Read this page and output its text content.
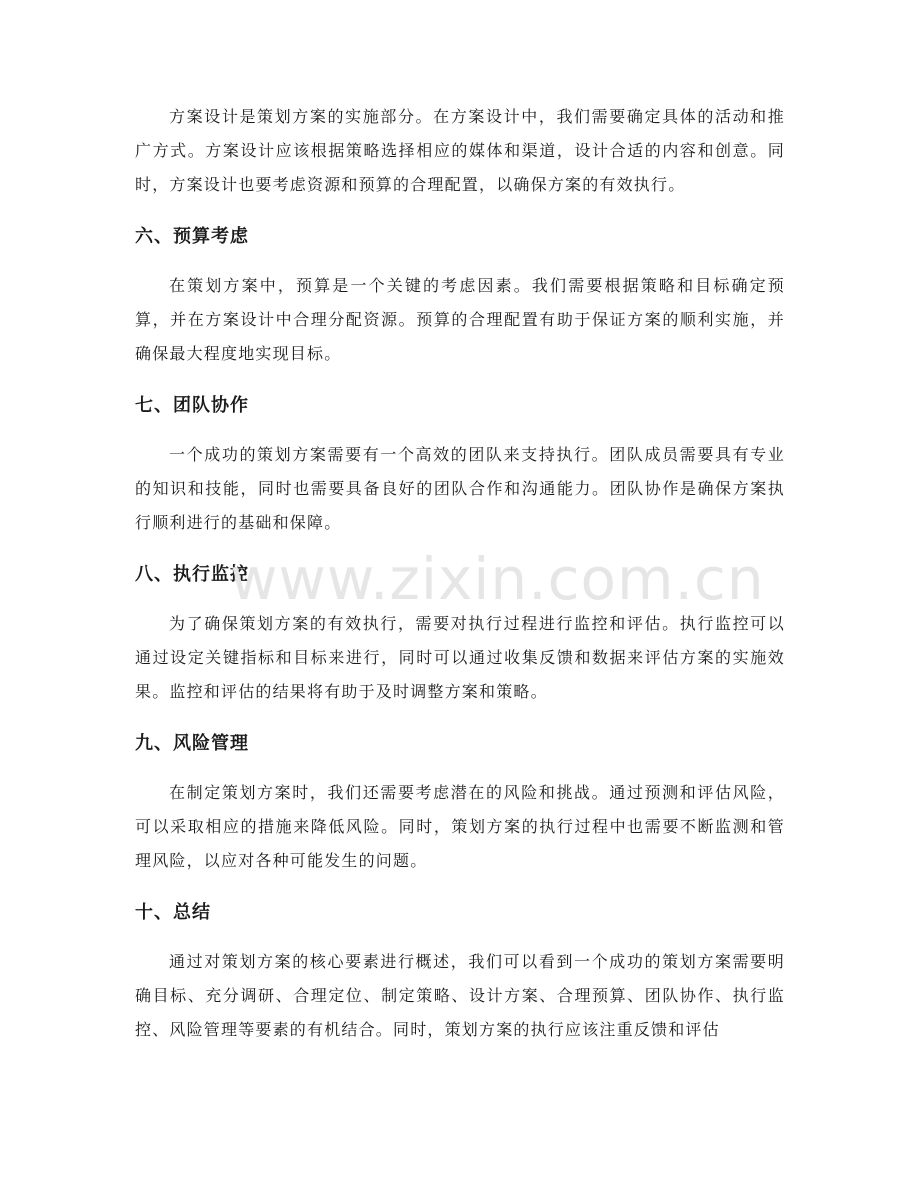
方案设计是策划方案的实施部分。在方案设计中，我们需要确定具体的活动和推广方式。方案设计应该根据策略选择相应的媒体和渠道，设计合适的内容和创意。同时，方案设计也要考虑资源和预算的合理配置，以确保方案的有效执行。

六、预算考虑

在策划方案中，预算是一个关键的考虑因素。我们需要根据策略和目标确定预算，并在方案设计中合理分配资源。预算的合理配置有助于保证方案的顺利实施，并确保最大程度地实现目标。

七、团队协作

一个成功的策划方案需要有一个高效的团队来支持执行。团队成员需要具有专业的知识和技能，同时也需要具备良好的团队合作和沟通能力。团队协作是确保方案执行顺利进行的基础和保障。

八、执行监控

为了确保策划方案的有效执行，需要对执行过程进行监控和评估。执行监控可以通过设定关键指标和目标来进行，同时可以通过收集反馈和数据来评估方案的实施效果。监控和评估的结果将有助于及时调整方案和策略。

九、风险管理

在制定策划方案时，我们还需要考虑潜在的风险和挑战。通过预测和评估风险，可以采取相应的措施来降低风险。同时，策划方案的执行过程中也需要不断监测和管理风险，以应对各种可能发生的问题。

十、总结

通过对策划方案的核心要素进行概述，我们可以看到一个成功的策划方案需要明确目标、充分调研、合理定位、制定策略、设计方案、合理预算、团队协作、执行监控、风险管理等要素的有机结合。同时，策划方案的执行应该注重反馈和评估

www.zixin.com.cn
